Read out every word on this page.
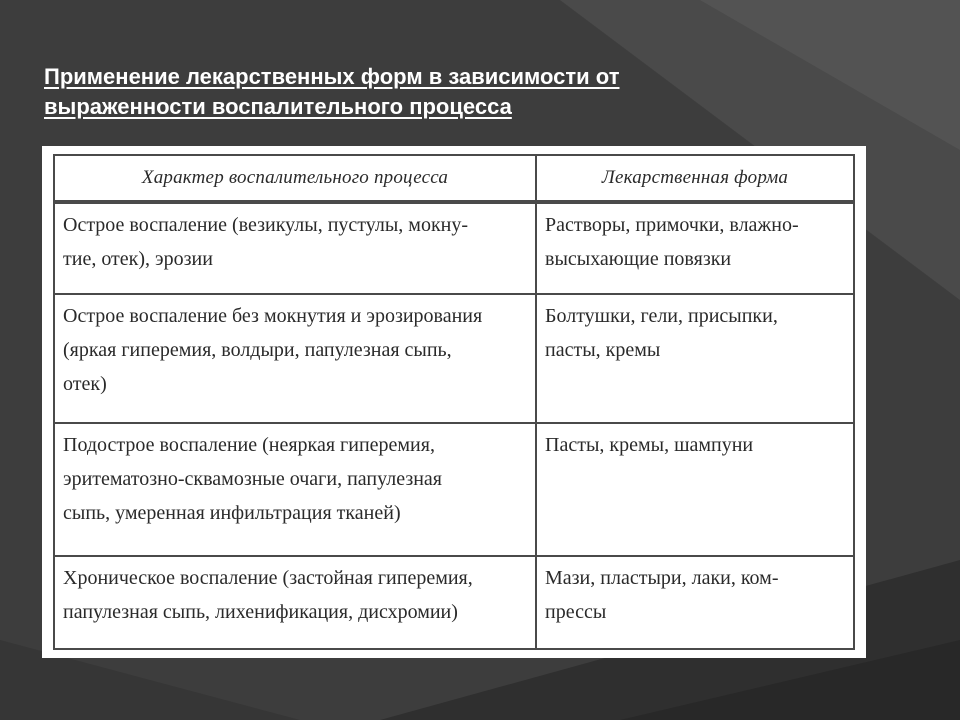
Применение лекарственных форм в зависимости от
выраженности воспалительного процесса
Характер воспалительного процесса	Лекарственная форма

Острое воспаление (везикулы, пустулы, мокну-
тие, отек), эрозии	Растворы, примочки, влажно-
высыхающие повязки

Острое воспаление без мокнутия и эрозирования
(яркая гиперемия, волдыри, папулезная сыпь,
отек)	Болтушки, гели, присыпки,
пасты, кремы

Подострое воспаление (неяркая гиперемия,
эритематозно-сквамозные очаги, папулезная
сыпь, умеренная инфильтрация тканей)	Пасты, кремы, шампуни

Хроническое воспаление (застойная гиперемия,
папулезная сыпь, лихенификация, дисхромии)	Мази, пластыри, лаки, ком-
прессы
